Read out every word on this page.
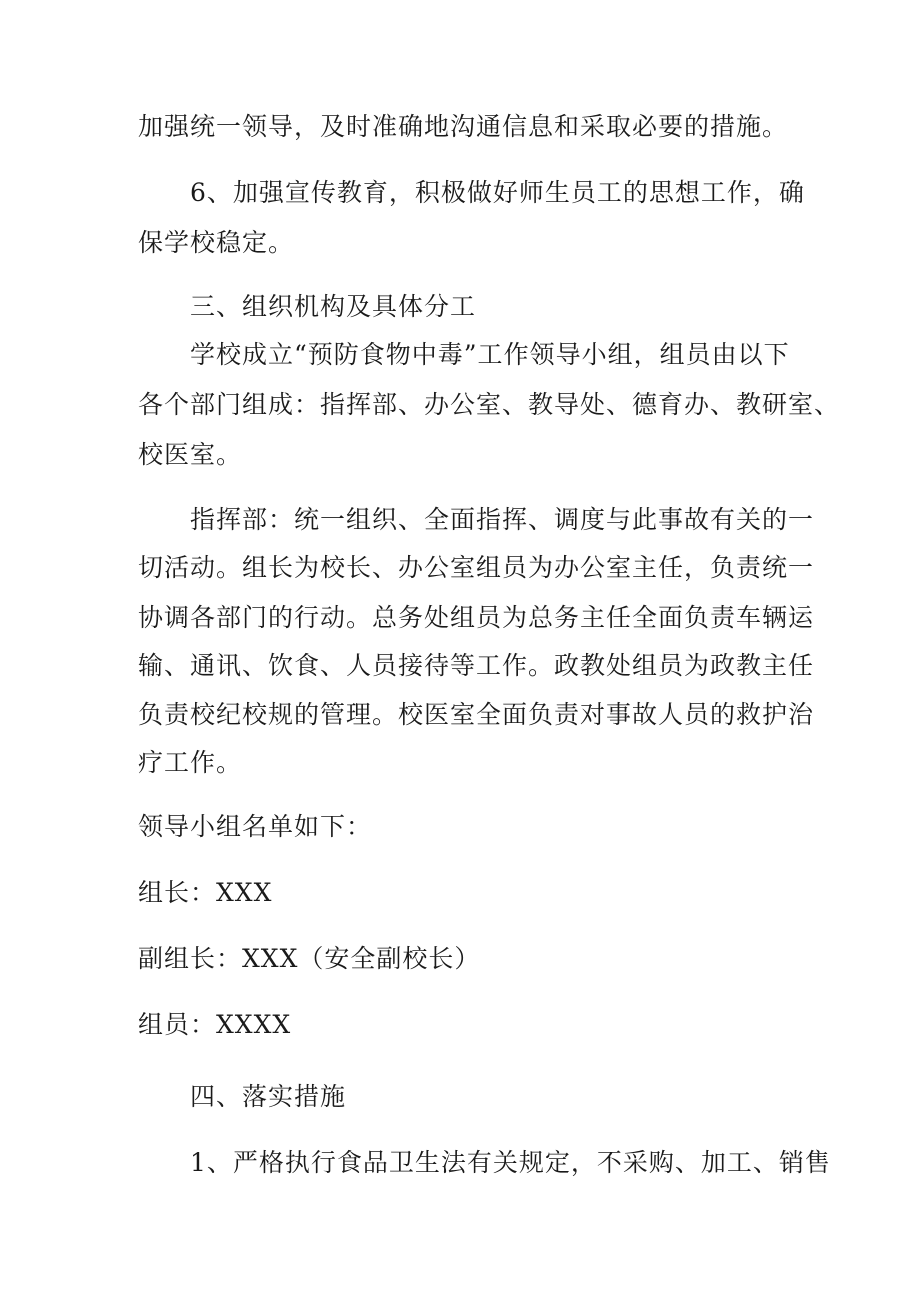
加强统一领导，及时准确地沟通信息和采取必要的措施。
6、加强宣传教育，积极做好师生员工的思想工作，确
保学校稳定。
三、组织机构及具体分工
学校成立“预防食物中毒”工作领导小组，组员由以下
各个部门组成：指挥部、办公室、教导处、德育办、教研室、
校医室。
指挥部：统一组织、全面指挥、调度与此事故有关的一
切活动。组长为校长、办公室组员为办公室主任，负责统一
协调各部门的行动。总务处组员为总务主任全面负责车辆运
输、通讯、饮食、人员接待等工作。政教处组员为政教主任
负责校纪校规的管理。校医室全面负责对事故人员的救护治
疗工作。
领导小组名单如下：
组长：XXX
副组长：XXX（安全副校长）
组员：XXXX
四、落实措施
1、严格执行食品卫生法有关规定，不采购、加工、销售
